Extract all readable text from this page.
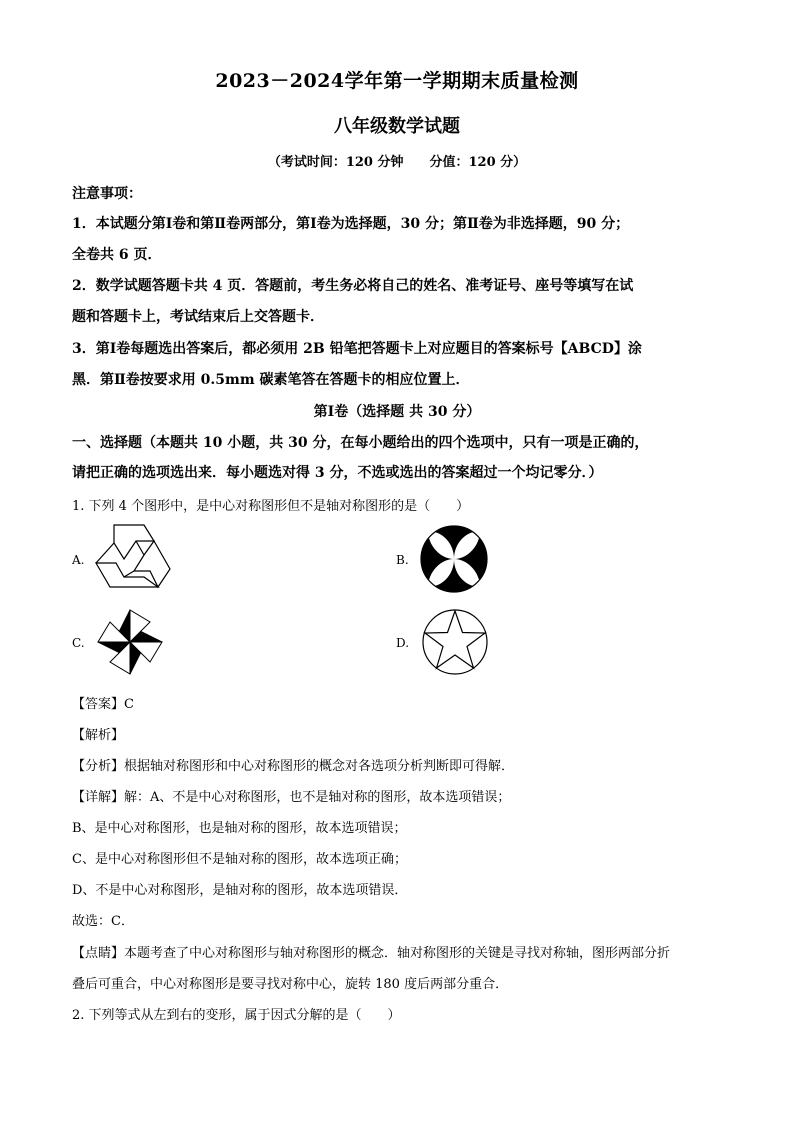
2023－2024学年第一学期期末质量检测
八年级数学试题
（考试时间：120 分钟　　分值：120 分）
注意事项：
1．本试题分第Ⅰ卷和第Ⅱ卷两部分，第Ⅰ卷为选择题，30 分；第Ⅱ卷为非选择题，90 分；
全卷共 6 页．
2．数学试题答题卡共 4 页．答题前，考生务必将自己的姓名、准考证号、座号等填写在试
题和答题卡上，考试结束后上交答题卡．
3．第Ⅰ卷每题选出答案后，都必须用 2B 铅笔把答题卡上对应题目的答案标号【ABCD】涂
黑．第Ⅱ卷按要求用 0.5mm 碳素笔答在答题卡的相应位置上．
第Ⅰ卷（选择题 共 30 分）
一、选择题（本题共 10 小题，共 30 分，在每小题给出的四个选项中，只有一项是正确的，
请把正确的选项选出来．每小题选对得 3 分，不选或选出的答案超过一个均记零分．）
1. 下列 4 个图形中，是中心对称图形但不是轴对称图形的是（　　）
A.	B.
C.	D.
【答案】C
【解析】
【分析】根据轴对称图形和中心对称图形的概念对各选项分析判断即可得解．
【详解】解：A、不是中心对称图形，也不是轴对称的图形，故本选项错误；
B、是中心对称图形，也是轴对称的图形，故本选项错误；
C、是中心对称图形但不是轴对称的图形，故本选项正确；
D、不是中心对称图形，是轴对称的图形，故本选项错误．
故选：C．
【点睛】本题考查了中心对称图形与轴对称图形的概念．轴对称图形的关键是寻找对称轴，图形两部分折
叠后可重合，中心对称图形是要寻找对称中心，旋转 180 度后两部分重合．
2. 下列等式从左到右的变形，属于因式分解的是（　　）
